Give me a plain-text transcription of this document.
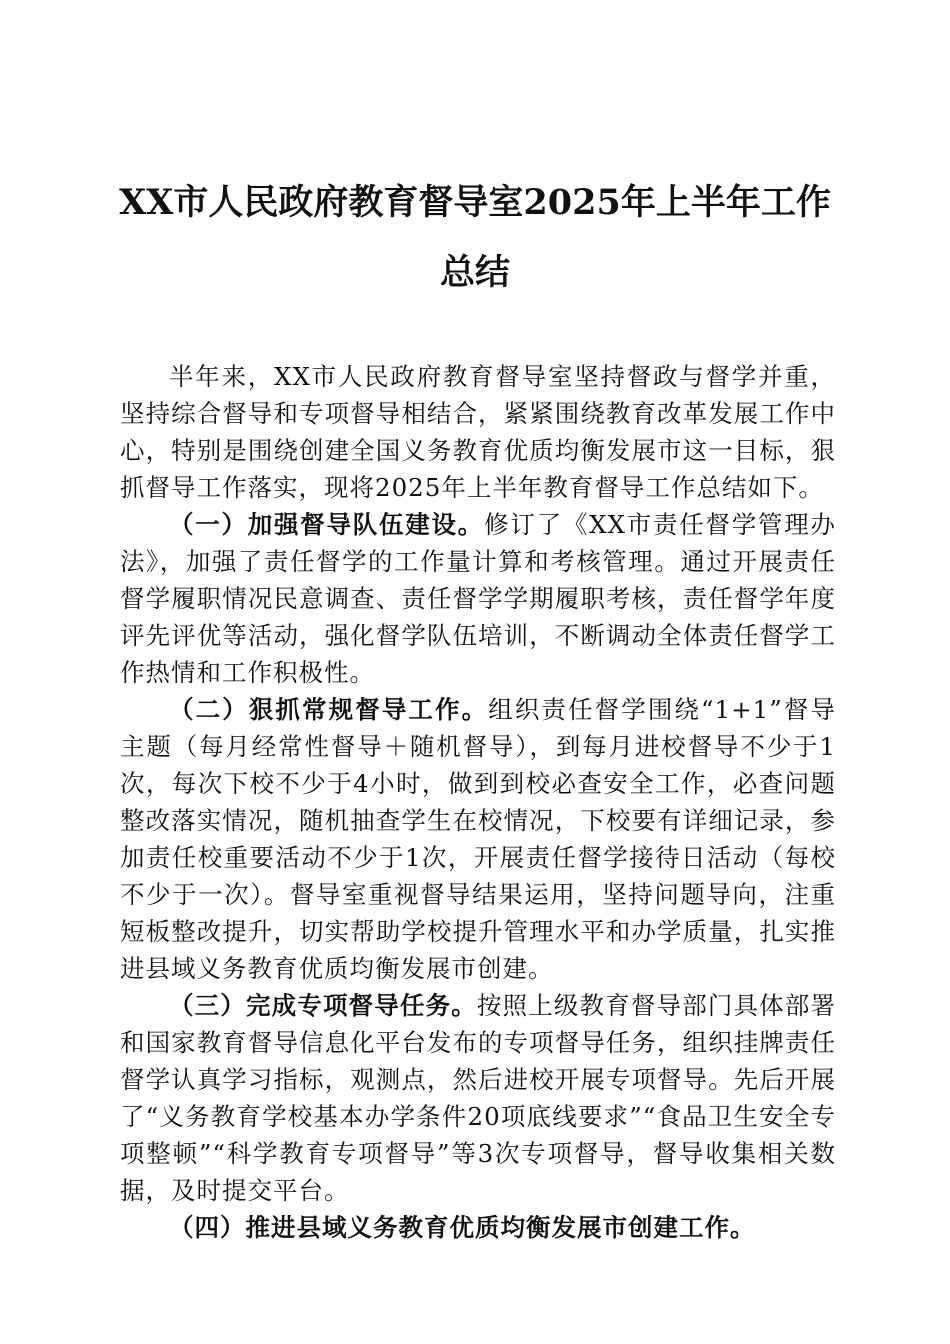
XX市人民政府教育督导室2025年上半年工作总结

半年来，XX市人民政府教育督导室坚持督政与督学并重，坚持综合督导和专项督导相结合，紧紧围绕教育改革发展工作中心，特别是围绕创建全国义务教育优质均衡发展市这一目标，狠抓督导工作落实，现将2025年上半年教育督导工作总结如下。

（一）加强督导队伍建设。修订了《XX市责任督学管理办法》，加强了责任督学的工作量计算和考核管理。通过开展责任督学履职情况民意调查、责任督学学期履职考核，责任督学年度评先评优等活动，强化督学队伍培训，不断调动全体责任督学工作热情和工作积极性。

（二）狠抓常规督导工作。组织责任督学围绕“1+1”督导主题（每月经常性督导＋随机督导），到每月进校督导不少于1次，每次下校不少于4小时，做到到校必查安全工作，必查问题整改落实情况，随机抽查学生在校情况，下校要有详细记录，参加责任校重要活动不少于1次，开展责任督学接待日活动（每校不少于一次）。督导室重视督导结果运用，坚持问题导向，注重短板整改提升，切实帮助学校提升管理水平和办学质量，扎实推进县域义务教育优质均衡发展市创建。

（三）完成专项督导任务。按照上级教育督导部门具体部署和国家教育督导信息化平台发布的专项督导任务，组织挂牌责任督学认真学习指标，观测点，然后进校开展专项督导。先后开展了“义务教育学校基本办学条件20项底线要求”“食品卫生安全专项整顿”“科学教育专项督导”等3次专项督导，督导收集相关数据，及时提交平台。

（四）推进县域义务教育优质均衡发展市创建工作。
